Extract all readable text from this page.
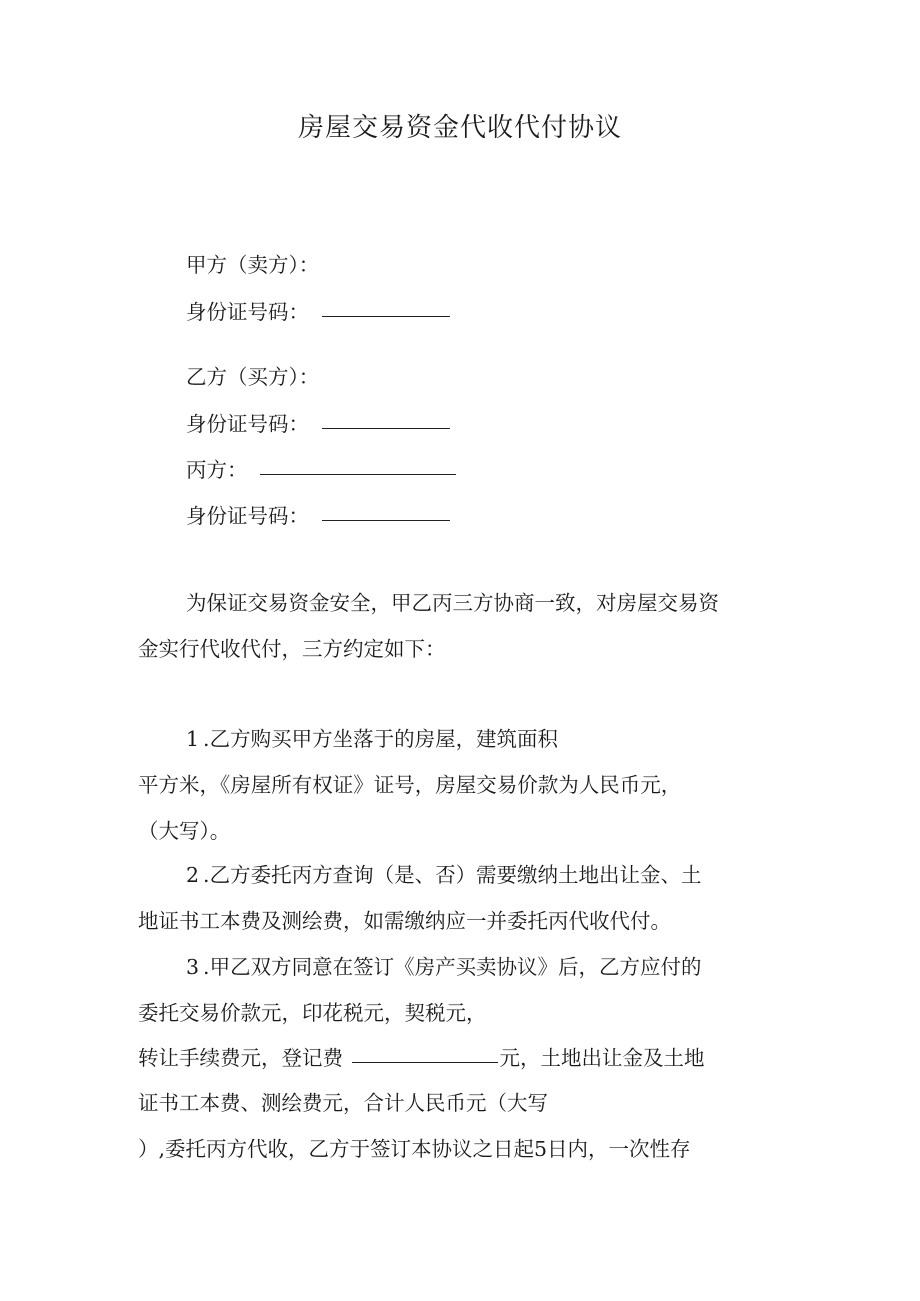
房屋交易资金代收代付协议
甲方（卖方）：
身份证号码：
乙方（买方）：
身份证号码：
丙方：
身份证号码：
为保证交易资金安全，甲乙丙三方协商一致，对房屋交易资
金实行代收代付，三方约定如下：
1.乙方购买甲方坐落于的房屋，建筑面积
平方米，《房屋所有权证》证号，房屋交易价款为人民币元，
（大写）。
2.乙方委托丙方查询（是、否）需要缴纳土地出让金、土
地证书工本费及测绘费，如需缴纳应一并委托丙代收代付。
3.甲乙双方同意在签订《房产买卖协议》后，乙方应付的
委托交易价款元，印花税元，契税元，
转让手续费元，登记费	元，土地出让金及土地
证书工本费、测绘费元，合计人民币元（大写
）,委托丙方代收，乙方于签订本协议之日起5日内，一次性存
